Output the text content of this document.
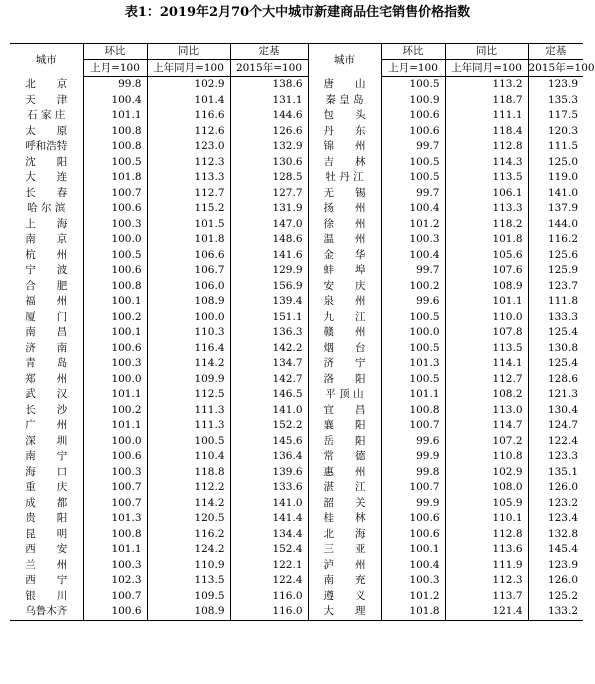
表1：2019年2月70个大中城市新建商品住宅销售价格指数
城市	环比	同比	定基	城市	环比	同比	定基
	上月=100	上年同月=100	2015年=100		上月=100	上年同月=100	2015年=100
北　　京	99.8	102.9	138.6	唐　　山	100.5	113.2	123.9
天　　津	100.4	101.4	131.1	秦 皇 岛	100.9	118.7	135.3
石 家 庄	101.1	116.6	144.6	包　　头	100.6	111.1	117.5
太　　原	100.8	112.6	126.6	丹　　东	100.6	118.4	120.3
呼和浩特	100.8	123.0	132.9	锦　　州	99.7	112.8	111.5
沈　　阳	100.5	112.3	130.6	吉　　林	100.5	114.3	125.0
大　　连	101.8	113.3	128.5	牡 丹 江	100.5	113.5	119.0
长　　春	100.7	112.7	127.7	无　　锡	99.7	106.1	141.0
哈 尔 滨	100.6	115.2	131.9	扬　　州	100.4	113.3	137.9
上　　海	100.3	101.5	147.0	徐　　州	101.2	118.2	144.0
南　　京	100.0	101.8	148.6	温　　州	100.3	101.8	116.2
杭　　州	100.5	106.6	141.6	金　　华	100.4	105.6	125.6
宁　　波	100.6	106.7	129.9	蚌　　埠	99.7	107.6	125.9
合　　肥	100.8	106.0	156.9	安　　庆	100.2	108.9	123.7
福　　州	100.1	108.9	139.4	泉　　州	99.6	101.1	111.8
厦　　门	100.2	100.0	151.1	九　　江	100.5	110.0	133.3
南　　昌	100.1	110.3	136.3	赣　　州	100.0	107.8	125.4
济　　南	100.6	116.4	142.2	烟　　台	100.5	113.5	130.8
青　　岛	100.3	114.2	134.7	济　　宁	101.3	114.1	125.4
郑　　州	100.0	109.9	142.7	洛　　阳	100.5	112.7	128.6
武　　汉	101.1	112.5	146.5	平 顶 山	101.1	108.2	121.3
长　　沙	100.2	111.3	141.0	宜　　昌	100.8	113.0	130.4
广　　州	101.1	111.3	152.2	襄　　阳	100.7	114.7	124.7
深　　圳	100.0	100.5	145.6	岳　　阳	99.6	107.2	122.4
南　　宁	100.6	110.4	136.4	常　　德	99.9	110.8	123.3
海　　口	100.3	118.8	139.6	惠　　州	99.8	102.9	135.1
重　　庆	100.7	112.2	133.6	湛　　江	100.7	108.0	126.0
成　　都	100.7	114.2	141.0	韶　　关	99.9	105.9	123.2
贵　　阳	101.3	120.5	141.4	桂　　林	100.6	110.1	123.4
昆　　明	100.8	116.2	134.4	北　　海	100.6	112.8	132.8
西　　安	101.1	124.2	152.4	三　　亚	100.1	113.6	145.4
兰　　州	100.3	110.9	122.1	泸　　州	100.4	111.9	123.9
西　　宁	102.3	113.5	122.4	南　　充	100.3	112.3	126.0
银　　川	100.7	109.5	116.0	遵　　义	101.2	113.7	125.2
乌鲁木齐	100.6	108.9	116.0	大　　理	101.8	121.4	133.2
